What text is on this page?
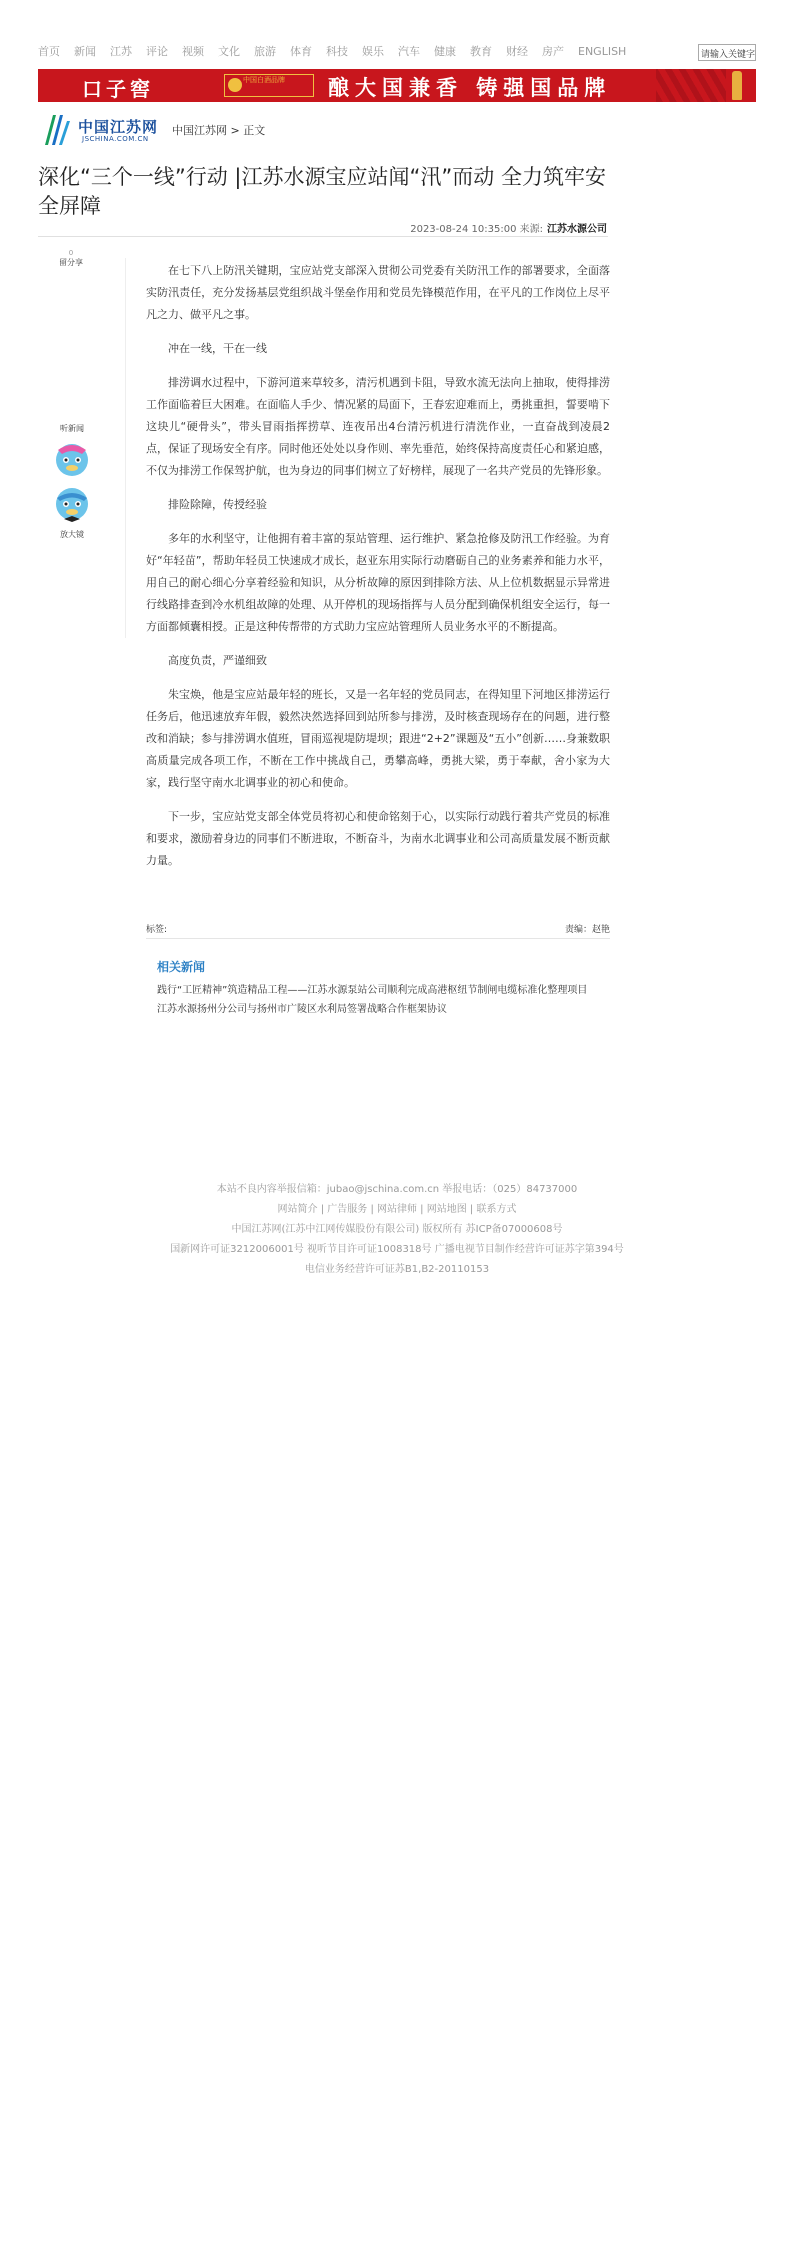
首页 新闻 江苏 评论 视频 文化 旅游 体育 科技 娱乐 汽车 健康 教育 财经 房产 ENGLISH	请输入关键字
口子窖	中国白酒品牌	酿大国兼香 铸强国品牌
中国江苏网
JSCHINA.COM.CN
中国江苏网 > 正文
深化“三个一线”行动 |江苏水源宝应站闻“汛”而动 全力筑牢安全屏障
2023-08-24 10:35:00 来源: 江苏水源公司
0
留分享
听新闻

放大镜

在七下八上防汛关键期，宝应站党支部深入贯彻公司党委有关防汛工作的部署要求，全面落实防汛责任，充分发扬基层党组织战斗堡垒作用和党员先锋模范作用，在平凡的工作岗位上尽平凡之力、做平凡之事。

冲在一线，干在一线

排涝调水过程中，下游河道来草较多，清污机遇到卡阻，导致水流无法向上抽取，使得排涝工作面临着巨大困难。在面临人手少、情况紧的局面下，王春宏迎难而上，勇挑重担，誓要啃下这块儿“硬骨头”，带头冒雨指挥捞草、连夜吊出4台清污机进行清洗作业，一直奋战到凌晨2点，保证了现场安全有序。同时他还处处以身作则、率先垂范，始终保持高度责任心和紧迫感，不仅为排涝工作保驾护航，也为身边的同事们树立了好榜样，展现了一名共产党员的先锋形象。

排险除障，传授经验

多年的水利坚守，让他拥有着丰富的泵站管理、运行维护、紧急抢修及防汛工作经验。为育好“年轻苗”，帮助年轻员工快速成才成长，赵亚东用实际行动磨砺自己的业务素养和能力水平，用自己的耐心细心分享着经验和知识，从分析故障的原因到排除方法、从上位机数据显示异常进行线路排查到冷水机组故障的处理、从开停机的现场指挥与人员分配到确保机组安全运行，每一方面都倾囊相授。正是这种传帮带的方式助力宝应站管理所人员业务水平的不断提高。

高度负责，严谨细致

朱宝焕，他是宝应站最年轻的班长，又是一名年轻的党员同志，在得知里下河地区排涝运行任务后，他迅速放弃年假，毅然决然选择回到站所参与排涝，及时核查现场存在的问题，进行整改和消缺；参与排涝调水值班，冒雨巡视堤防堤坝；跟进“2+2”课题及“五小”创新……身兼数职高质量完成各项工作，不断在工作中挑战自己，勇攀高峰，勇挑大梁，勇于奉献，舍小家为大家，践行坚守南水北调事业的初心和使命。

下一步，宝应站党支部全体党员将初心和使命铭刻于心，以实际行动践行着共产党员的标准和要求，激励着身边的同事们不断进取，不断奋斗，为南水北调事业和公司高质量发展不断贡献力量。

标签:	责编：赵艳
相关新闻
践行“工匠精神”筑造精品工程——江苏水源泵站公司顺利完成高港枢纽节制闸电缆标准化整理项目
江苏水源扬州分公司与扬州市广陵区水利局签署战略合作框架协议
本站不良内容举报信箱：jubao@jschina.com.cn 举报电话：（025）84737000
网站简介 | 广告服务 | 网站律师 | 网站地图 | 联系方式
中国江苏网(江苏中江网传媒股份有限公司) 版权所有 苏ICP备07000608号
国新网许可证3212006001号 视听节目许可证1008318号 广播电视节目制作经营许可证苏字第394号
电信业务经营许可证苏B1,B2-20110153
